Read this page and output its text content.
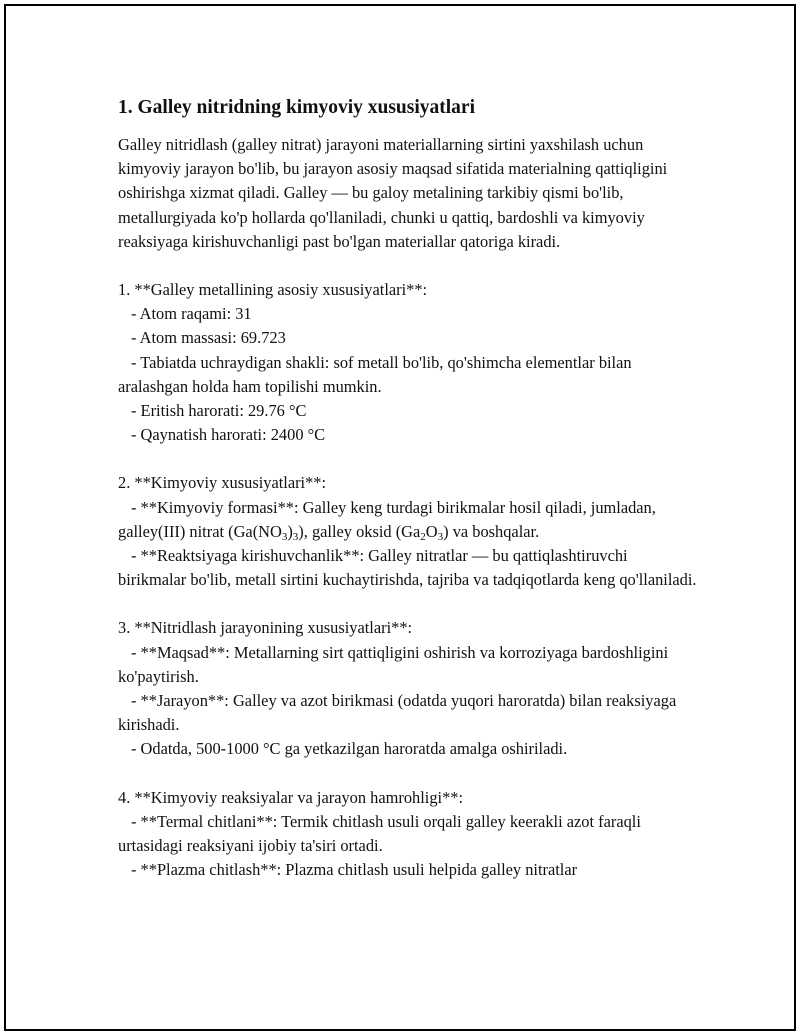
1. Galley nitridning kimyoviy xususiyatlari

Galley nitridlash (galley nitrat) jarayoni materiallarning sirtini yaxshilash uchun kimyoviy jarayon bo'lib, bu jarayon asosiy maqsad sifatida materialning qattiqligini oshirishga xizmat qiladi. Galley — bu galoy metalining tarkibiy qismi bo'lib, metallurgiyada ko'p hollarda qo'llaniladi, chunki u qattiq, bardoshli va kimyoviy reaksiyaga kirishuvchanligi past bo'lgan materiallar qatoriga kiradi.

1. **Galley metallining asosiy xususiyatlari**:
- Atom raqami: 31
- Atom massasi: 69.723
- Tabiatda uchraydigan shakli: sof metall bo'lib, qo'shimcha elementlar bilan aralashgan holda ham topilishi mumkin.
- Eritish harorati: 29.76 °C
- Qaynatish harorati: 2400 °C
2. **Kimyoviy xususiyatlari**:
- **Kimyoviy formasi**: Galley keng turdagi birikmalar hosil qiladi, jumladan, galley(III) nitrat $(Ga(NO_3)_3)$, galley oksid $(Ga_2O_3)$ va boshqalar.
- **Reaktsiyaga kirishuvchanlik**: Galley nitratlar — bu qattiqlashtiruvchi birikmalar bo'lib, metall sirtini kuchaytirishda, tajriba va tadqiqotlarda keng qo'llaniladi.
3. **Nitridlash jarayonining xususiyatlari**:
- **Maqsad**: Metallarning sirt qattiqligini oshirish va korroziyaga bardoshligini ko'paytirish.
- **Jarayon**: Galley va azot birikmasi (odatda yuqori haroratda) bilan reaksiyaga kirishadi.
- Odatda, 500-1000 °C ga yetkazilgan haroratda amalga oshiriladi.
4. **Kimyoviy reaksiyalar va jarayon hamrohligi**:
- **Termal chitlani**: Termik chitlash usuli orqali galley keerakli azot faraqli urtasidagi reaksiyani ijobiy ta'siri ortadi.
- **Plazma chitlash**: Plazma chitlash usuli helpida galley nitratlar
